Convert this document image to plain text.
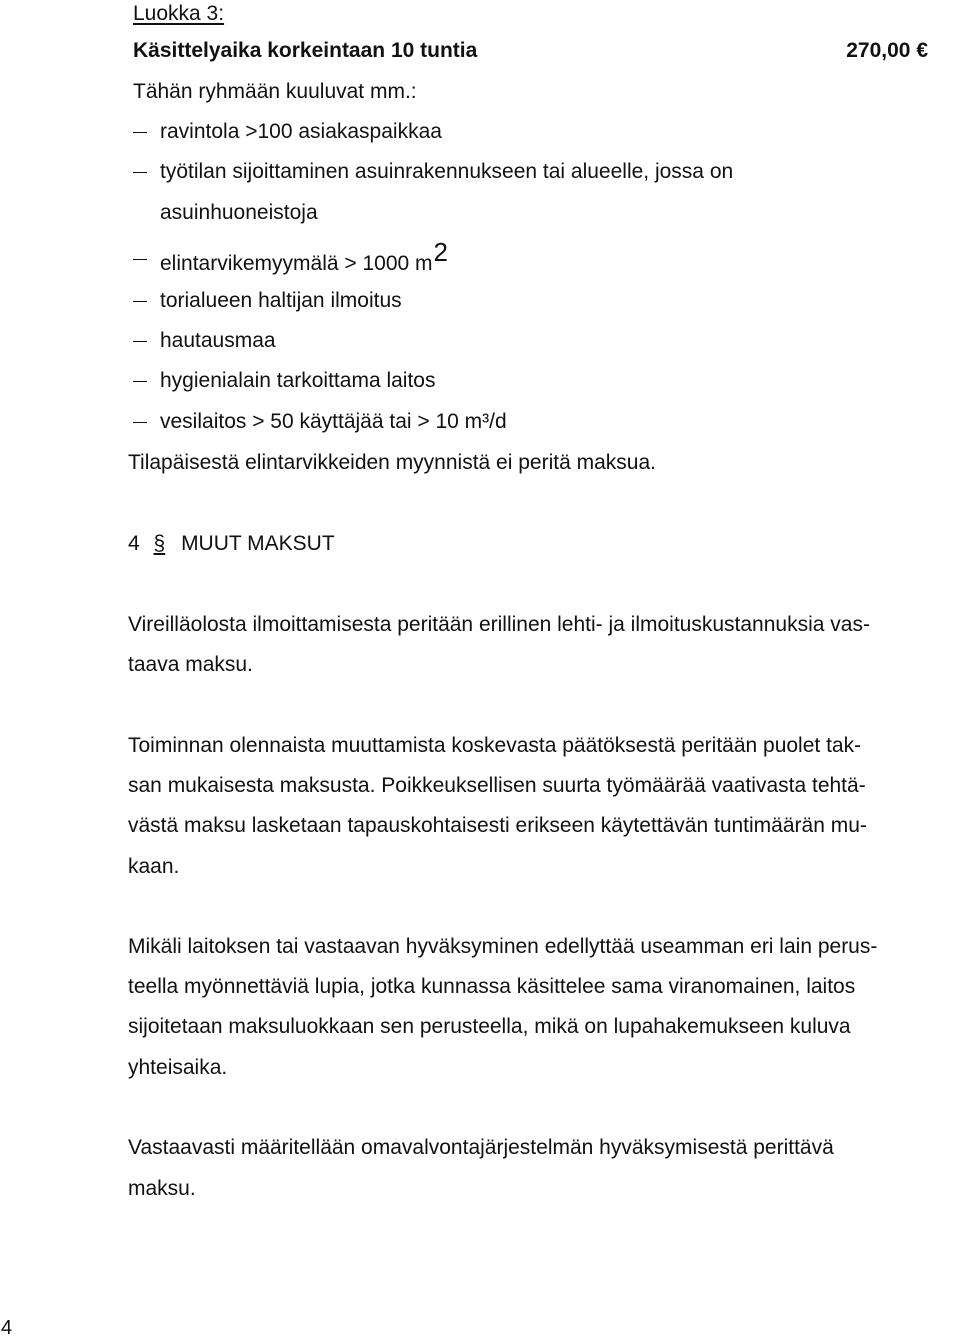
Luokka 3:
Käsittelyaika korkeintaan 10 tuntia	270,00 €
Tähän ryhmään kuuluvat mm.:
ravintola >100 asiakaspaikkaa
työtilan sijoittaminen asuinrakennukseen tai alueelle, jossa on
asuinhuoneistoja
elintarvikemyymälä > 1000 m2
torialueen haltijan ilmoitus
hautausmaa
hygienialain tarkoittama laitos
vesilaitos > 50 käyttäjää tai > 10 m³/d
Tilapäisestä elintarvikkeiden myynnistä ei peritä maksua.
4 § MUUT MAKSUT
Vireilläolosta ilmoittamisesta peritään erillinen lehti- ja ilmoituskustannuksia vas-
taava maksu.
Toiminnan olennaista muuttamista koskevasta päätöksestä peritään puolet tak-
san mukaisesta maksusta. Poikkeuksellisen suurta työmäärää vaativasta tehtä-
västä maksu lasketaan tapauskohtaisesti erikseen käytettävän tuntimäärän mu-
kaan.
Mikäli laitoksen tai vastaavan hyväksyminen edellyttää useamman eri lain perus-
teella myönnettäviä lupia, jotka kunnassa käsittelee sama viranomainen, laitos
sijoitetaan maksuluokkaan sen perusteella, mikä on lupahakemukseen kuluva
yhteisaika.
Vastaavasti määritellään omavalvontajärjestelmän hyväksymisestä perittävä
maksu.
4
